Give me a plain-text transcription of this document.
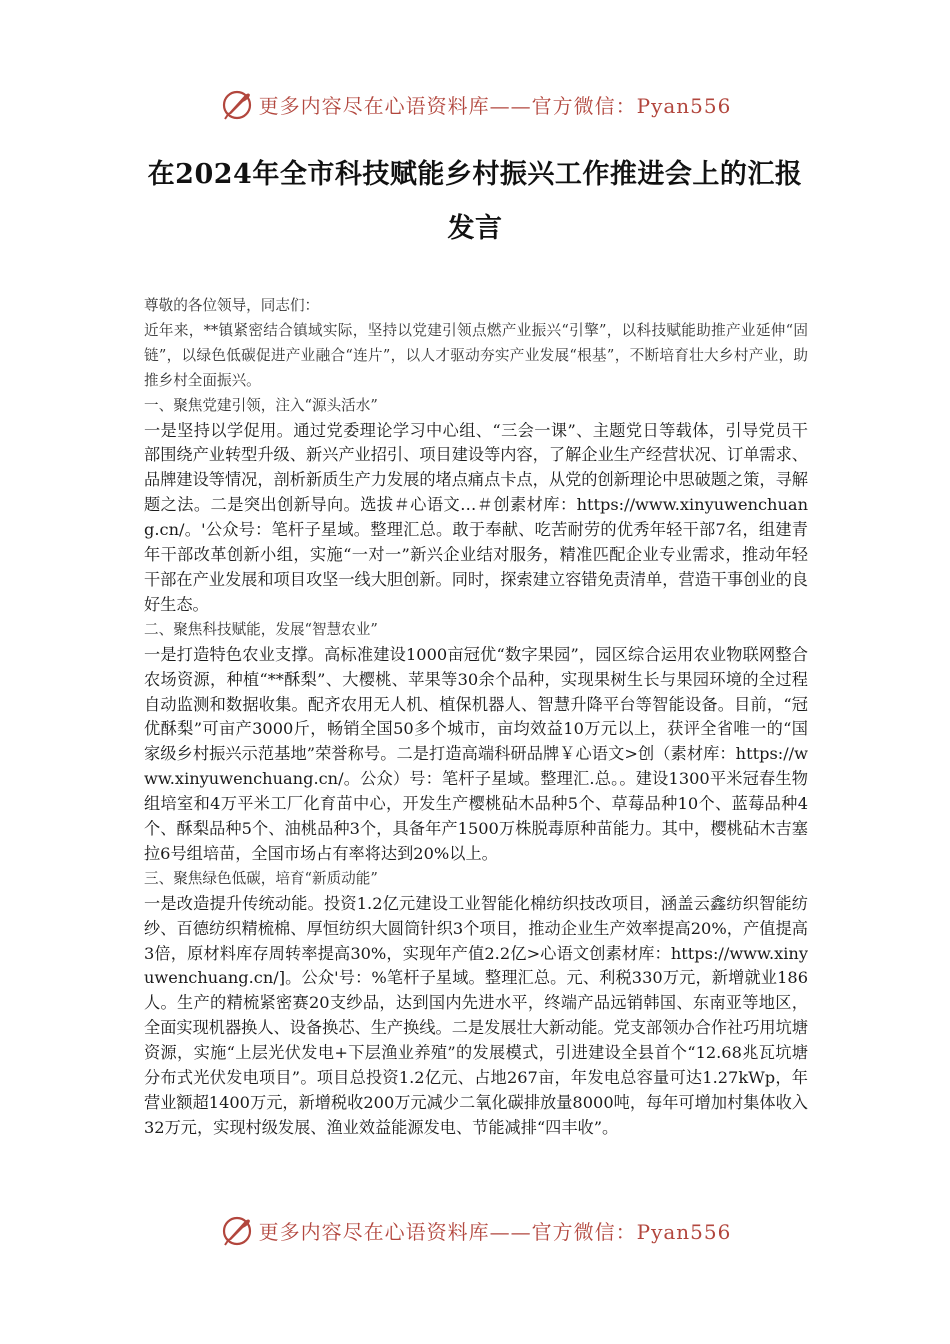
更多内容尽在心语资料库——官方微信：Pyan556
在2024年全市科技赋能乡村振兴工作推进会上的汇报发言

尊敬的各位领导，同志们：

近年来，**镇紧密结合镇域实际，坚持以党建引领点燃产业振兴“引擎”，以科技赋能助推产业延伸“固链”，以绿色低碳促进产业融合“连片”，以人才驱动夯实产业发展“根基”，不断培育壮大乡村产业，助推乡村全面振兴。

一、聚焦党建引领，注入“源头活水”

一是坚持以学促用。通过党委理论学习中心组、“三会一课”、主题党日等载体，引导党员干部围绕产业转型升级、新兴产业招引、项目建设等内容，了解企业生产经营状况、订单需求、品牌建设等情况，剖析新质生产力发展的堵点痛点卡点，从党的创新理论中思破题之策，寻解题之法。二是突出创新导向。选拔＃心语文…＃创素材库：https://www.xinyuwenchuang.cn/。'公众号：笔杆子星域。整理汇总。敢于奉献、吃苦耐劳的优秀年轻干部7名，组建青年干部改革创新小组，实施“一对一”新兴企业结对服务，精准匹配企业专业需求，推动年轻干部在产业发展和项目攻坚一线大胆创新。同时，探索建立容错免责清单，营造干事创业的良好生态。

二、聚焦科技赋能，发展“智慧农业”

一是打造特色农业支撑。高标准建设1000亩冠优“数字果园”，园区综合运用农业物联网整合农场资源，种植“**酥梨”、大樱桃、苹果等30余个品种，实现果树生长与果园环境的全过程自动监测和数据收集。配齐农用无人机、植保机器人、智慧升降平台等智能设备。目前，“冠优酥梨”可亩产3000斤，畅销全国50多个城市，亩均效益10万元以上，获评全省唯一的“国家级乡村振兴示范基地”荣誉称号。二是打造高端科研品牌￥心语文>创（素材库：https://www.xinyuwenchuang.cn/。公众）号：笔杆子星域。整理汇.总。。建设1300平米冠春生物组培室和4万平米工厂化育苗中心，开发生产樱桃砧木品种5个、草莓品种10个、蓝莓品种4个、酥梨品种5个、油桃品种3个，具备年产1500万株脱毒原种苗能力。其中，樱桃砧木吉塞拉6号组培苗，全国市场占有率将达到20%以上。

三、聚焦绿色低碳，培育“新质动能”

一是改造提升传统动能。投资1.2亿元建设工业智能化棉纺织技改项目，涵盖云鑫纺织智能纺纱、百德纺织精梳棉、厚恒纺织大圆筒针织3个项目，推动企业生产效率提高20%，产值提高3倍，原材料库存周转率提高30%，实现年产值2.2亿>心语文创素材库：https://www.xinyuwenchuang.cn/]。公众'号：%笔杆子星域。整理汇总。元、利税330万元，新增就业186人。生产的精梳紧密赛20支纱品，达到国内先进水平，终端产品远销韩国、东南亚等地区，全面实现机器换人、设备换芯、生产换线。二是发展壮大新动能。党支部领办合作社巧用坑塘资源，实施“上层光伏发电+下层渔业养殖”的发展模式，引进建设全县首个“12.68兆瓦坑塘分布式光伏发电项目”。项目总投资1.2亿元、占地267亩，年发电总容量可达1.27kWp，年营业额超1400万元，新增税收200万元减少二氧化碳排放量8000吨，每年可增加村集体收入32万元，实现村级发展、渔业效益能源发电、节能减排“四丰收”。

更多内容尽在心语资料库——官方微信：Pyan556
